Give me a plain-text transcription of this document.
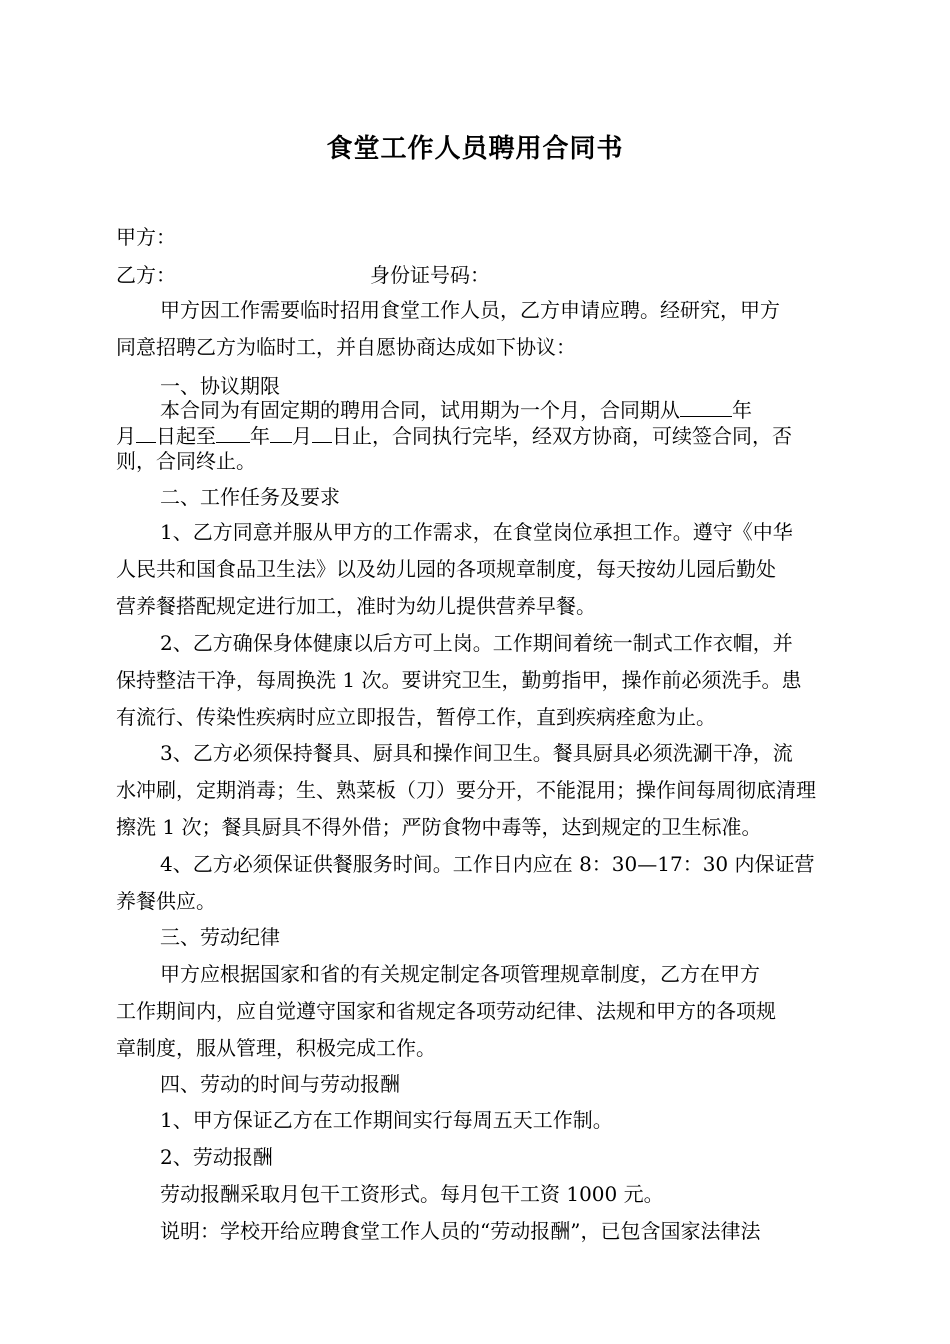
食堂工作人员聘用合同书
甲方：
乙方：	身份证号码：
甲方因工作需要临时招用食堂工作人员，乙方申请应聘。经研究，甲方
同意招聘乙方为临时工，并自愿协商达成如下协议：
一、协议期限
本合同为有固定期的聘用合同，试用期为一个月，合同期从	年
月 日起至 年 月 日止，合同执行完毕，经双方协商，可续签合同，否
则，合同终止。
二、工作任务及要求
1、乙方同意并服从甲方的工作需求，在食堂岗位承担工作。遵守《中华
人民共和国食品卫生法》以及幼儿园的各项规章制度，每天按幼儿园后勤处
营养餐搭配规定进行加工，准时为幼儿提供营养早餐。
2、乙方确保身体健康以后方可上岗。工作期间着统一制式工作衣帽，并
保持整洁干净，每周换洗 1 次。要讲究卫生，勤剪指甲，操作前必须洗手。患
有流行、传染性疾病时应立即报告，暂停工作，直到疾病痊愈为止。
3、乙方必须保持餐具、厨具和操作间卫生。餐具厨具必须洗涮干净，流
水冲刷，定期消毒；生、熟菜板（刀）要分开，不能混用；操作间每周彻底清理
擦洗 1 次；餐具厨具不得外借；严防食物中毒等，达到规定的卫生标准。
4、乙方必须保证供餐服务时间。工作日内应在 8：30—17：30 内保证营
养餐供应。
三、劳动纪律
甲方应根据国家和省的有关规定制定各项管理规章制度，乙方在甲方
工作期间内，应自觉遵守国家和省规定各项劳动纪律、法规和甲方的各项规
章制度，服从管理，积极完成工作。
四、劳动的时间与劳动报酬
1、甲方保证乙方在工作期间实行每周五天工作制。
2、劳动报酬
劳动报酬采取月包干工资形式。每月包干工资 1000 元。
说明：学校开给应聘食堂工作人员的“劳动报酬”，已包含国家法律法
